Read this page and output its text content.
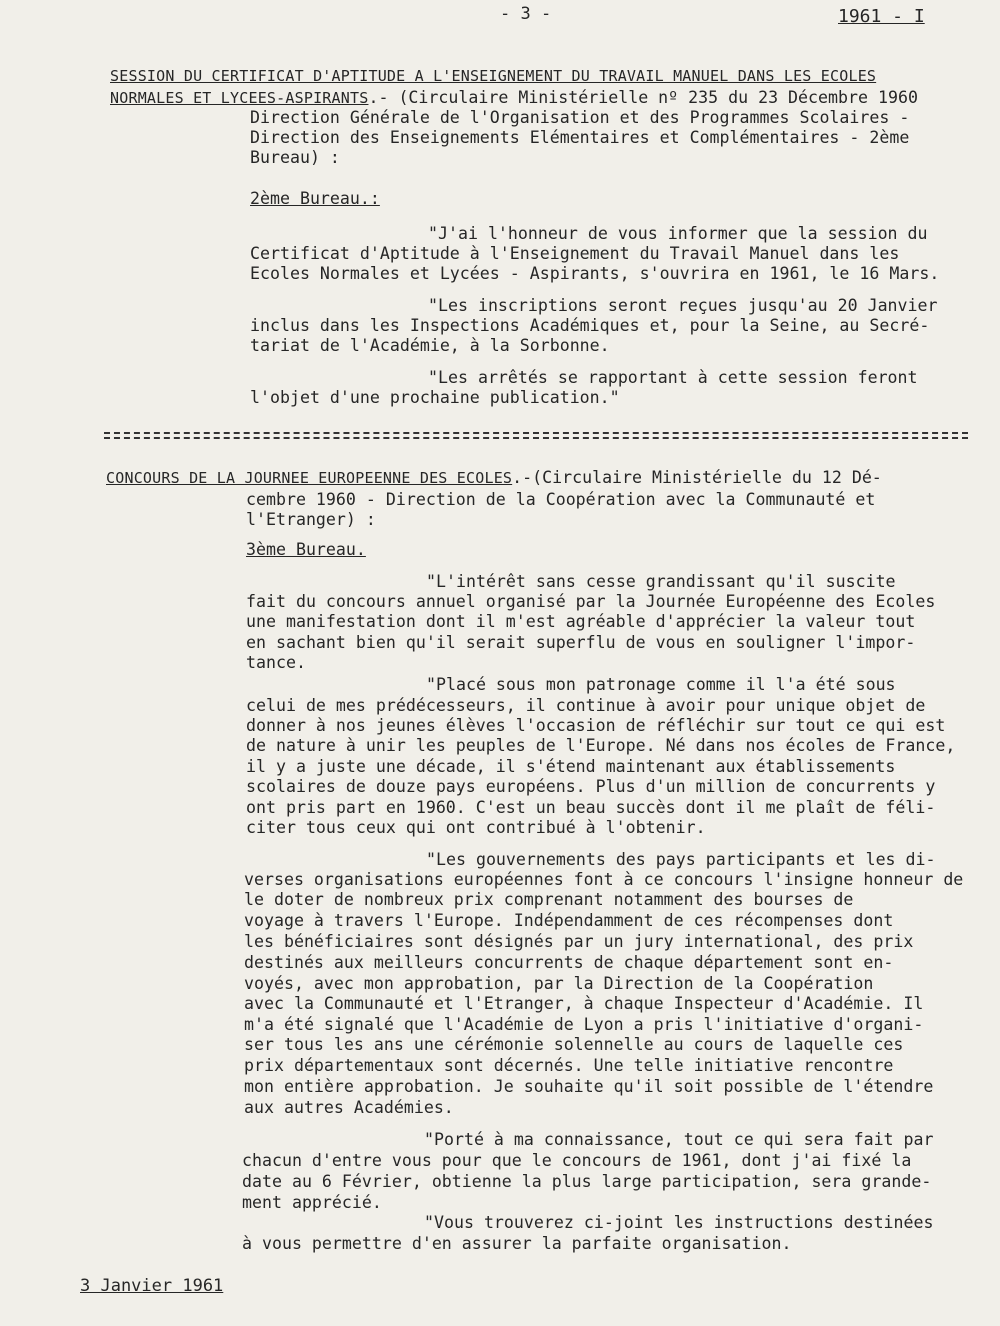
- 3 -	1961 - I
SESSION DU CERTIFICAT D'APTITUDE A L'ENSEIGNEMENT DU TRAVAIL MANUEL DANS LES ECOLES
NORMALES ET LYCEES-ASPIRANTS.- (Circulaire Ministérielle nº 235 du 23 Décembre 1960
Direction Générale de l'Organisation et des Programmes Scolaires -
Direction des Enseignements Elémentaires et Complémentaires - 2ème
Bureau) :
2ème Bureau.:
"J'ai l'honneur de vous informer que la session du
Certificat d'Aptitude à l'Enseignement du Travail Manuel dans les
Ecoles Normales et Lycées - Aspirants, s'ouvrira en 1961, le 16 Mars.
"Les inscriptions seront reçues jusqu'au 20 Janvier
inclus dans les Inspections Académiques et, pour la Seine, au Secré-
tariat de l'Académie, à la Sorbonne.
"Les arrêtés se rapportant à cette session feront
l'objet d'une prochaine publication."
CONCOURS DE LA JOURNEE EUROPEENNE DES ECOLES.-(Circulaire Ministérielle du 12 Dé-
cembre 1960 - Direction de la Coopération avec la Communauté et
l'Etranger) :
3ème Bureau.
"L'intérêt sans cesse grandissant qu'il suscite
fait du concours annuel organisé par la Journée Européenne des Ecoles
une manifestation dont il m'est agréable d'apprécier la valeur tout
en sachant bien qu'il serait superflu de vous en souligner l'impor-
tance.
"Placé sous mon patronage comme il l'a été sous
celui de mes prédécesseurs, il continue à avoir pour unique objet de
donner à nos jeunes élèves l'occasion de réfléchir sur tout ce qui est
de nature à unir les peuples de l'Europe. Né dans nos écoles de France,
il y a juste une décade, il s'étend maintenant aux établissements
scolaires de douze pays européens. Plus d'un million de concurrents y
ont pris part en 1960. C'est un beau succès dont il me plaît de féli-
citer tous ceux qui ont contribué à l'obtenir.
"Les gouvernements des pays participants et les di-
verses organisations européennes font à ce concours l'insigne honneur de
le doter de nombreux prix comprenant notamment des bourses de
voyage à travers l'Europe. Indépendamment de ces récompenses dont
les bénéficiaires sont désignés par un jury international, des prix
destinés aux meilleurs concurrents de chaque département sont en-
voyés, avec mon approbation, par la Direction de la Coopération
avec la Communauté et l'Etranger, à chaque Inspecteur d'Académie. Il
m'a été signalé que l'Académie de Lyon a pris l'initiative d'organi-
ser tous les ans une cérémonie solennelle au cours de laquelle ces
prix départementaux sont décernés. Une telle initiative rencontre
mon entière approbation. Je souhaite qu'il soit possible de l'étendre
aux autres Académies.
"Porté à ma connaissance, tout ce qui sera fait par
chacun d'entre vous pour que le concours de 1961, dont j'ai fixé la
date au 6 Février, obtienne la plus large participation, sera grande-
ment apprécié.
"Vous trouverez ci-joint les instructions destinées
à vous permettre d'en assurer la parfaite organisation.
3 Janvier 1961
